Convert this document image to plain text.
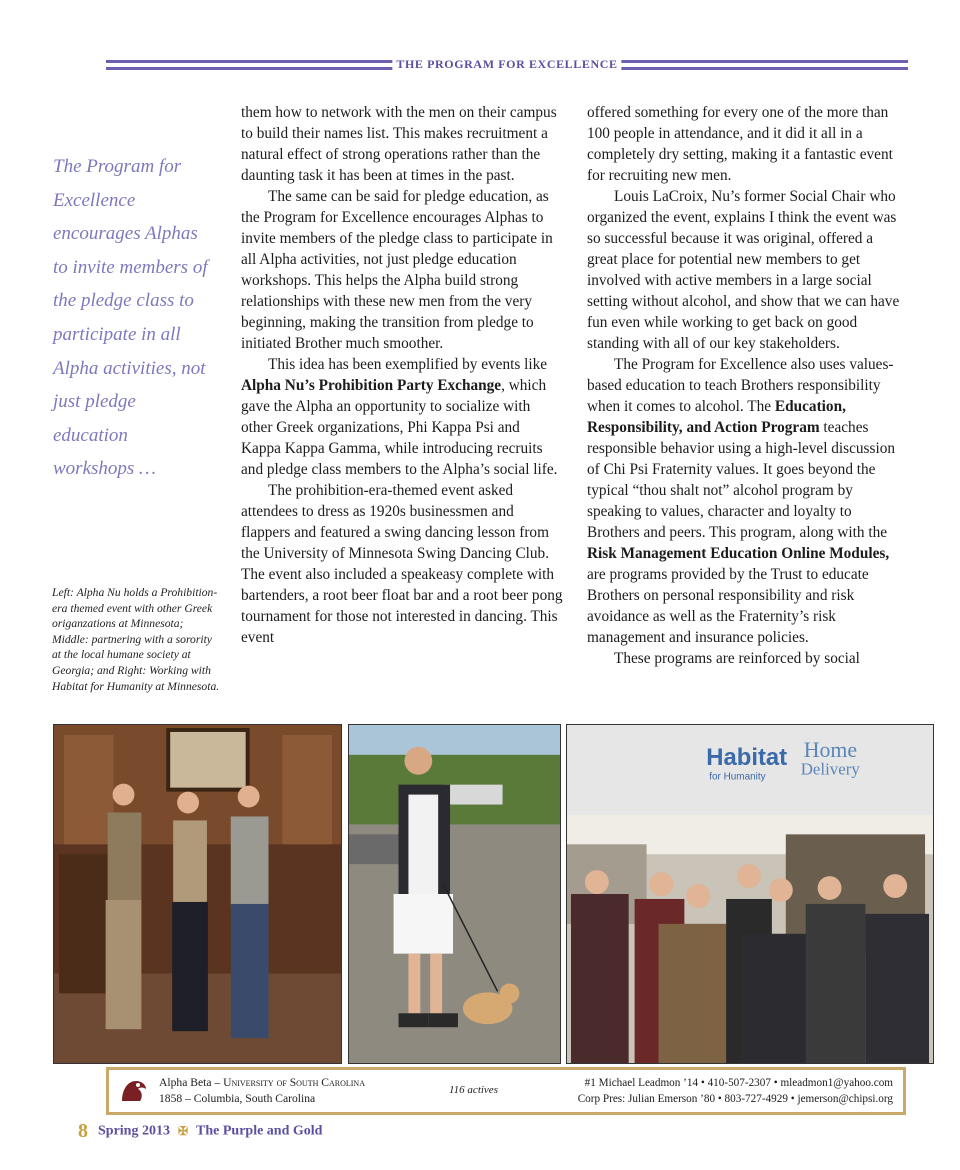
THE PROGRAM FOR EXCELLENCE
The Program for Excellence encourages Alphas to invite members of the pledge class to participate in all Alpha activities, not just pledge education workshops …
Left: Alpha Nu holds a Prohibition-era themed event with other Greek origanzations at Minnesota; Middle: partnering with a sorority at the local humane society at Georgia; and Right: Working with Habitat for Humanity at Minnesota.

them how to network with the men on their campus to build their names list. This makes recruitment a natural effect of strong operations rather than the daunting task it has been at times in the past.

The same can be said for pledge education, as the Program for Excellence encourages Alphas to invite members of the pledge class to participate in all Alpha activities, not just pledge education workshops. This helps the Alpha build strong relationships with these new men from the very beginning, making the transition from pledge to initiated Brother much smoother.

This idea has been exemplified by events like Alpha Nu’s Prohibition Party Exchange, which gave the Alpha an opportunity to socialize with other Greek organizations, Phi Kappa Psi and Kappa Kappa Gamma, while introducing recruits and pledge class members to the Alpha’s social life.

The prohibition-era-themed event asked attendees to dress as 1920s businessmen and flappers and featured a swing dancing lesson from the University of Minnesota Swing Dancing Club. The event also included a speakeasy complete with bartenders, a root beer float bar and a root beer pong tournament for those not interested in dancing. This event

offered something for every one of the more than 100 people in attendance, and it did it all in a completely dry setting, making it a fantastic event for recruiting new men.

Louis LaCroix, Nu’s former Social Chair who organized the event, explains I think the event was so successful because it was original, offered a great place for potential new members to get involved with active members in a large social setting without alcohol, and show that we can have fun even while working to get back on good standing with all of our key stakeholders.

The Program for Excellence also uses values-based education to teach Brothers responsibility when it comes to alcohol. The Education, Responsibility, and Action Program teaches responsible behavior using a high-level discussion of Chi Psi Fraternity values. It goes beyond the typical “thou shalt not” alcohol program by speaking to values, character and loyalty to Brothers and peers. This program, along with the Risk Management Education Online Modules, are programs provided by the Trust to educate Brothers on personal responsibility and risk avoidance as well as the Fraternity’s risk management and insurance policies.

These programs are reinforced by social

Habitat
for Humanity
Home
Delivery
Alpha Beta – University of South Carolina
1858 – Columbia, South Carolina
116 actives
#1 Michael Leadmon ’14 • 410-507-2307 • mleadmon1@yahoo.com
Corp Pres: Julian Emerson ’80 • 803-727-4929 • jemerson@chipsi.org
8 Spring 2013 ✠ The Purple and Gold
